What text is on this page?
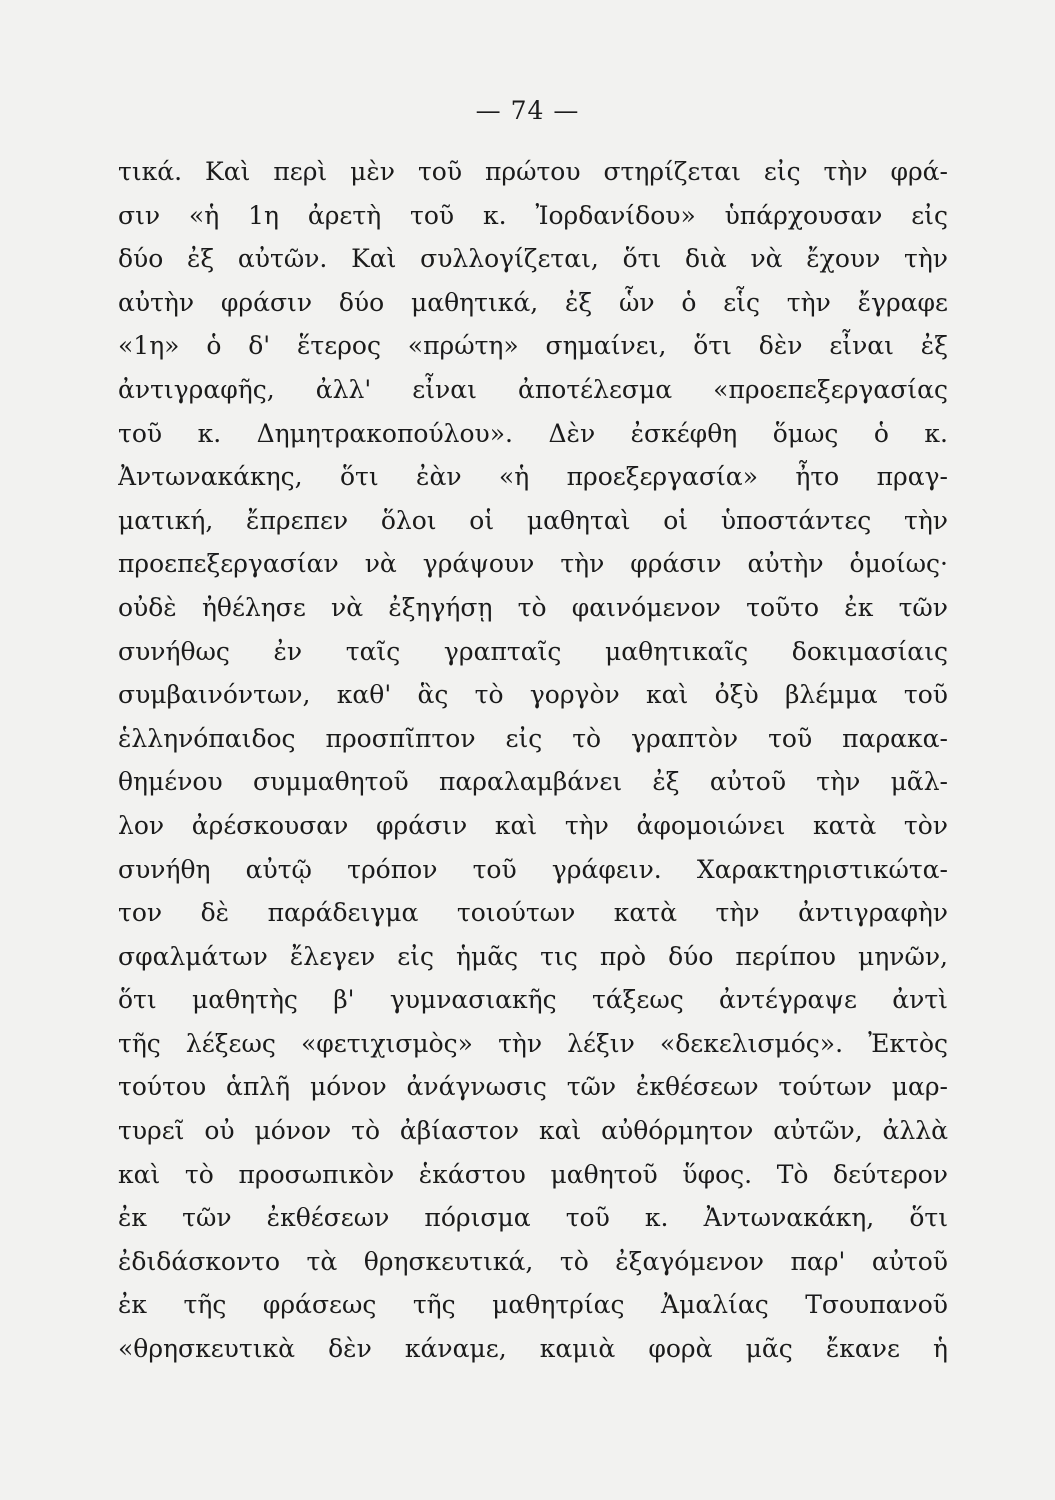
— 74 —
τικά. Καὶ περὶ μὲν τοῦ πρώτου στηρίζεται εἰς τὴν φρά-
σιν «ἡ 1η ἀρετὴ τοῦ κ. Ἰορδανίδου» ὑπάρχουσαν εἰς
δύο ἐξ αὐτῶν. Καὶ συλλογίζεται, ὅτι διὰ νὰ ἔχουν τὴν
αὐτὴν φράσιν δύο μαθητικά, ἐξ ὧν ὁ εἷς τὴν ἔγραφε
«1η» ὁ δ' ἕτερος «πρώτη» σημαίνει, ὅτι δὲν εἶναι ἐξ
ἀντιγραφῆς, ἀλλ' εἶναι ἀποτέλεσμα «προεπεξεργασίας
τοῦ κ. Δημητρακοπούλου». Δὲν ἐσκέφθη ὅμως ὁ κ.
Ἀντωνακάκης, ὅτι ἐὰν «ἡ προεξεργασία» ἦτο πραγ-
ματική, ἔπρεπεν ὅλοι οἱ μαθηταὶ οἱ ὑποστάντες τὴν
προεπεξεργασίαν νὰ γράψουν τὴν φράσιν αὐτὴν ὁμοίως·
οὐδὲ ἠθέλησε νὰ ἐξηγήσῃ τὸ φαινόμενον τοῦτο ἐκ τῶν
συνήθως ἐν ταῖς γραπταῖς μαθητικαῖς δοκιμασίαις
συμβαινόντων, καθ' ἃς τὸ γοργὸν καὶ ὀξὺ βλέμμα τοῦ
ἑλληνόπαιδος προσπῖπτον εἰς τὸ γραπτὸν τοῦ παρακα-
θημένου συμμαθητοῦ παραλαμβάνει ἐξ αὐτοῦ τὴν μᾶλ-
λον ἀρέσκουσαν φράσιν καὶ τὴν ἀφομοιώνει κατὰ τὸν
συνήθη αὐτῷ τρόπον τοῦ γράφειν. Χαρακτηριστικώτα-
τον δὲ παράδειγμα τοιούτων κατὰ τὴν ἀντιγραφὴν
σφαλμάτων ἔλεγεν εἰς ἡμᾶς τις πρὸ δύο περίπου μηνῶν,
ὅτι μαθητὴς β' γυμνασιακῆς τάξεως ἀντέγραψε ἀντὶ
τῆς λέξεως «φετιχισμὸς» τὴν λέξιν «δεκελισμός». Ἐκτὸς
τούτου ἁπλῆ μόνον ἀνάγνωσις τῶν ἐκθέσεων τούτων μαρ-
τυρεῖ οὐ μόνον τὸ ἀβίαστον καὶ αὐθόρμητον αὐτῶν, ἀλλὰ
καὶ τὸ προσωπικὸν ἑκάστου μαθητοῦ ὕφος. Τὸ δεύτερον
ἐκ τῶν ἐκθέσεων πόρισμα τοῦ κ. Ἀντωνακάκη, ὅτι
ἐδιδάσκοντο τὰ θρησκευτικά, τὸ ἐξαγόμενον παρ' αὐτοῦ
ἐκ τῆς φράσεως τῆς μαθητρίας Ἀμαλίας Τσουπανοῦ
«θρησκευτικὰ δὲν κάναμε, καμιὰ φορὰ μᾶς ἔκανε ἡ
